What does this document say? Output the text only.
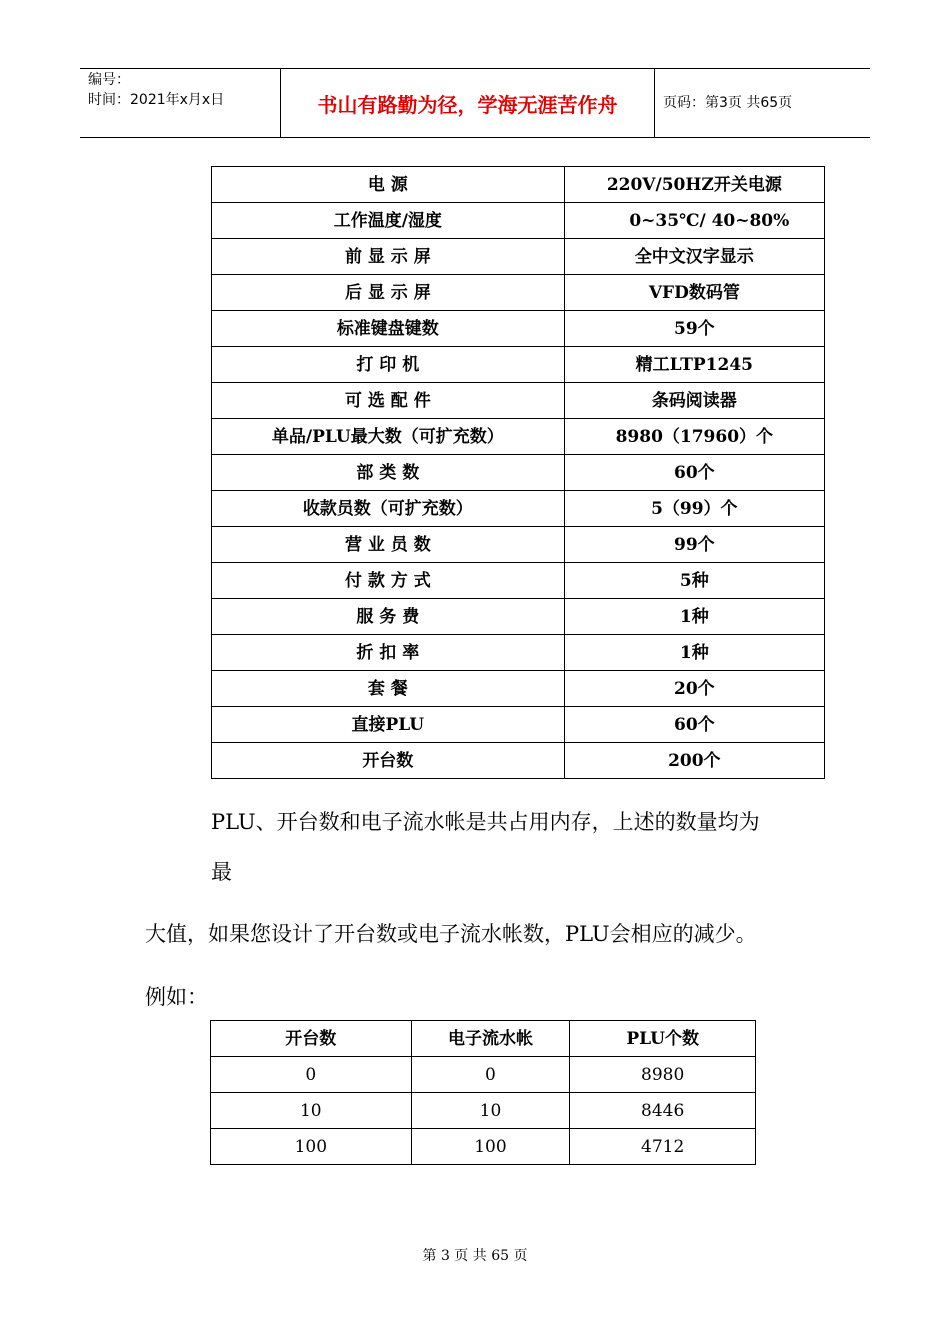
编号：
时间：2021年x月x日	书山有路勤为径，学海无涯苦作舟	页码：第3页 共65页
电 源	220V/50HZ开关电源
工作温度/湿度	0~35℃/ 40~80%
前 显 示 屏	全中文汉字显示
后 显 示 屏	VFD数码管
标准键盘键数	59个
打 印 机	精工LTP1245
可 选 配 件	条码阅读器
单品/PLU最大数（可扩充数）	8980（17960）个
部 类 数	60个
收款员数（可扩充数）	5（99）个
营 业 员 数	99个
付 款 方 式	5种
服 务 费	1种
折 扣 率	1种
套 餐	20个
直接PLU	60个
开台数	200个
PLU、开台数和电子流水帐是共占用内存，上述的数量均为
最
大值，如果您设计了开台数或电子流水帐数，PLU会相应的减少。
例如：
开台数	电子流水帐	PLU个数
0	0	8980
10	10	8446
100	100	4712
第 3 页 共 65 页
